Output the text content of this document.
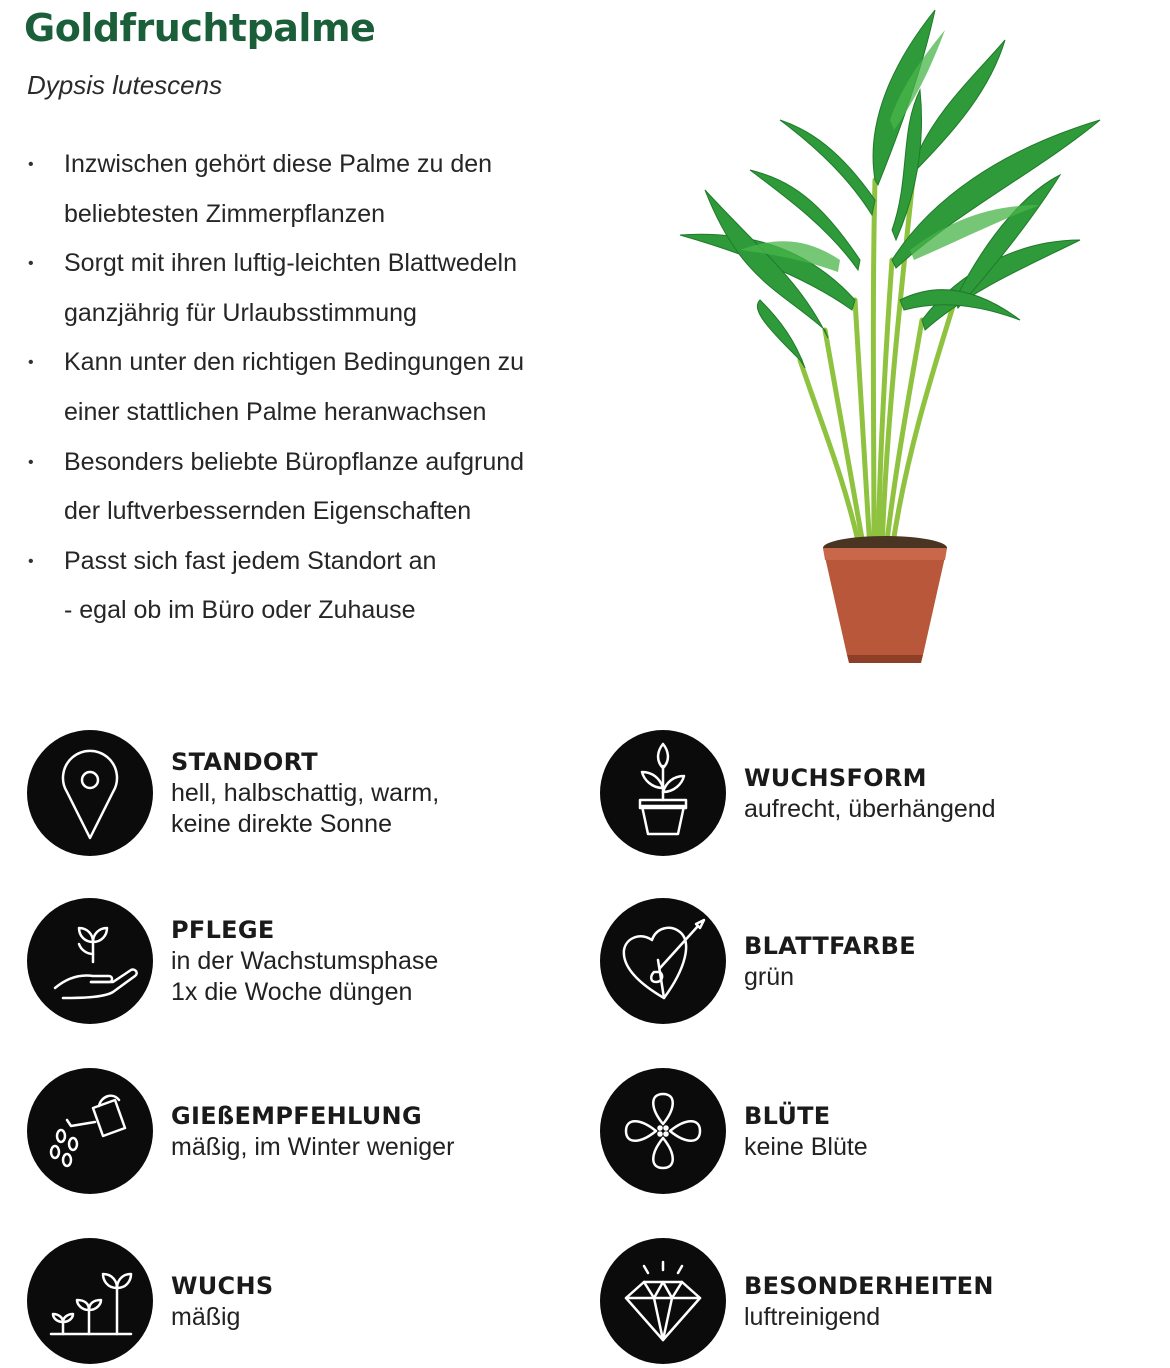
Goldfruchtpalme

Dypsis lutescens

• Inzwischen gehört diese Palme zu den
beliebtesten Zimmerpflanzen
• Sorgt mit ihren luftig-leichten Blattwedeln
ganzjährig für Urlaubsstimmung
• Kann unter den richtigen Bedingungen zu
einer stattlichen Palme heranwachsen
• Besonders beliebte Büropflanze aufgrund
der luftverbessernden Eigenschaften
• Passt sich fast jedem Standort an
- egal ob im Büro oder Zuhause
STANDORT
hell, halbschattig, warm,
keine direkte Sonne
PFLEGE
in der Wachstumsphase
1x die Woche düngen
GIEßEMPFEHLUNG
mäßig, im Winter weniger
WUCHS
mäßig
WUCHSFORM
aufrecht, überhängend
BLATTFARBE
grün
BLÜTE
keine Blüte
BESONDERHEITEN
luftreinigend
